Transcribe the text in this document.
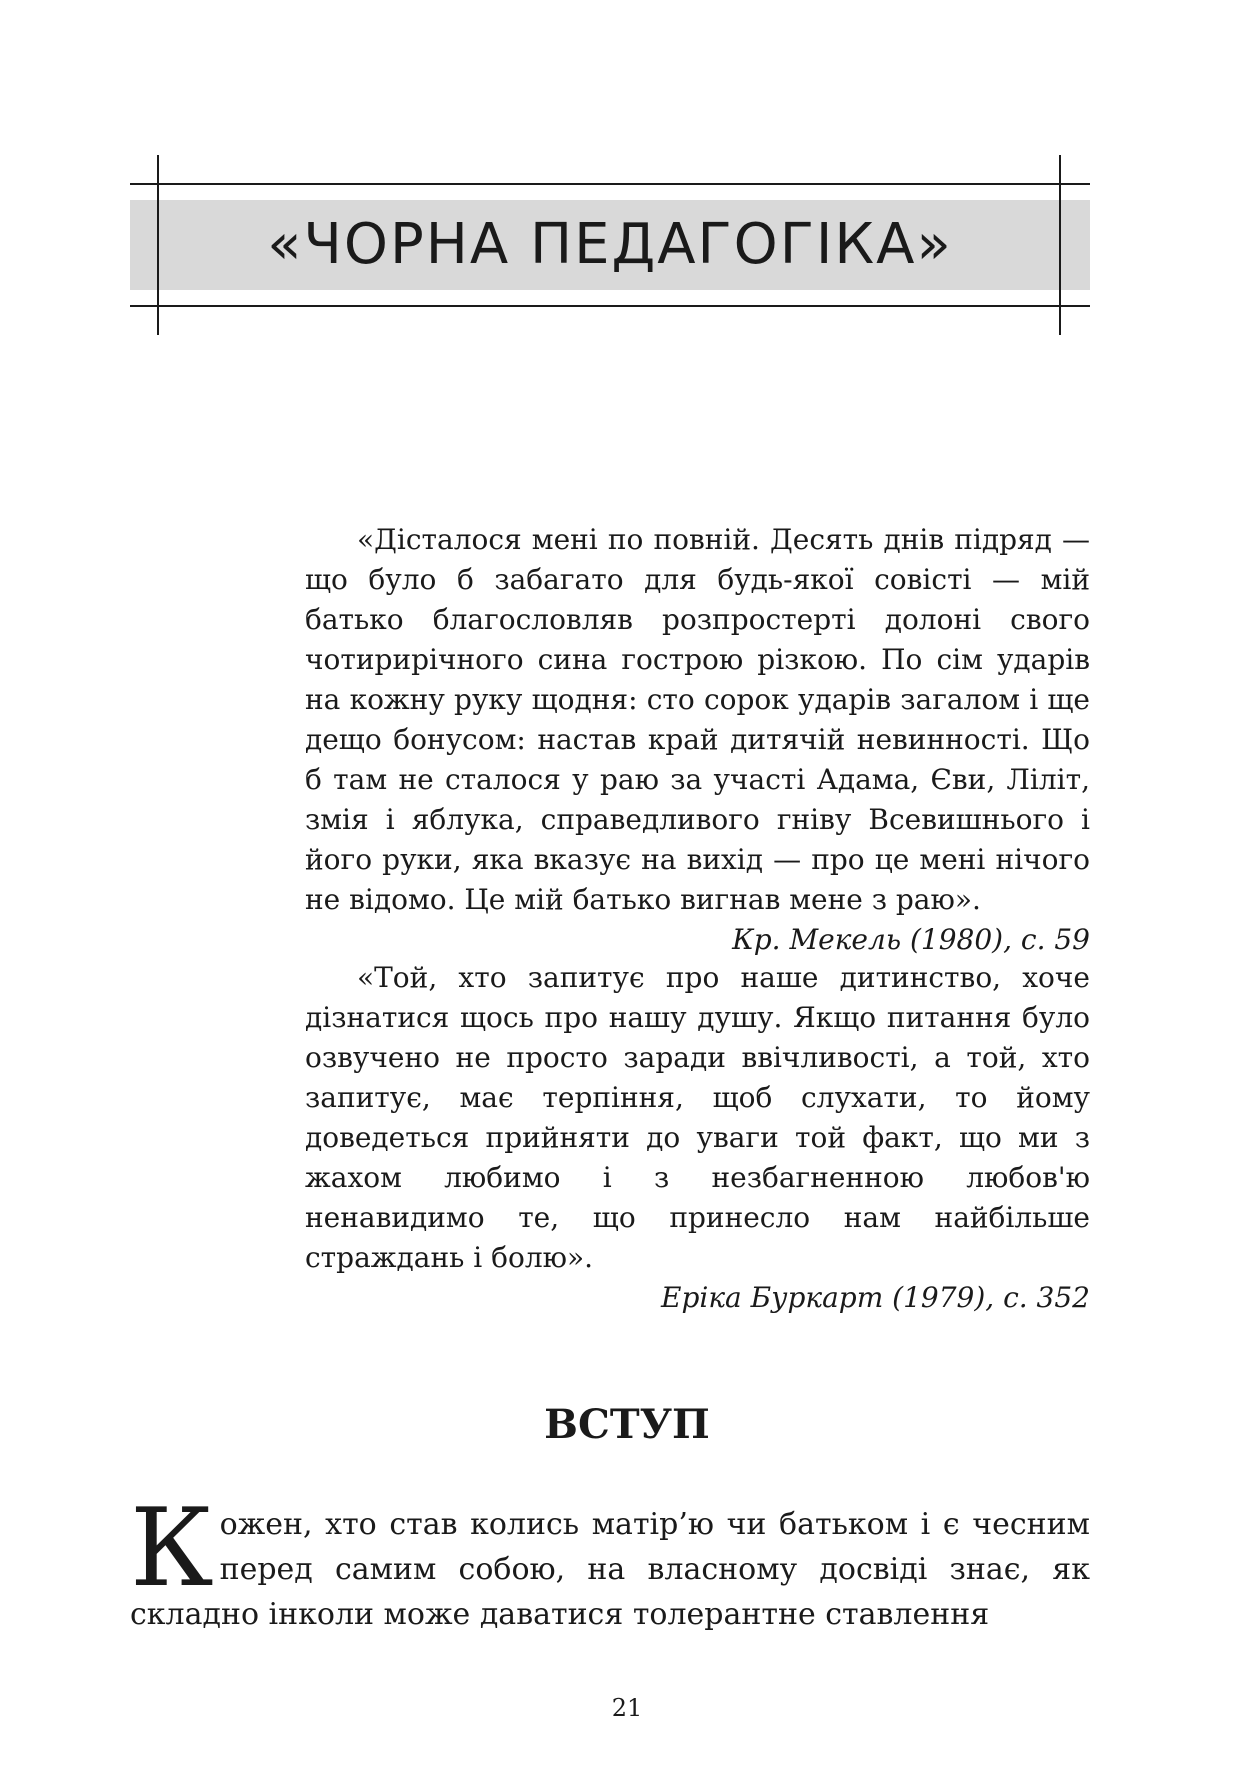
«ЧОРНА ПЕДАГОГІКА»

«Дісталося мені по повній. Десять днів підряд — що було б забагато для будь-якої совісті — мій батько благословляв розпростерті долоні свого чотирирічного сина гострою різкою. По сім ударів на кожну руку щодня: сто сорок ударів загалом і ще дещо бонусом: настав край дитячій невинності. Що б там не сталося у раю за участі Адама, Єви, Ліліт, змія і яблука, справедливого гніву Всевишнього і його руки, яка вказує на вихід — про це мені нічого не відомо. Це мій батько вигнав мене з раю».

Кр. Мекель (1980), с. 59

«Той, хто запитує про наше дитинство, хоче дізнатися щось про нашу душу. Якщо питання було озвучено не просто заради ввічливості, а той, хто запитує, має терпіння, щоб слухати, то йому доведеться прийняти до уваги той факт, що ми з жахом любимо і з незбагненною любов'ю ненавидимо те, що принесло нам найбільше страждань і болю».

Еріка Буркарт (1979), с. 352

ВСТУП

Кожен, хто став колись матір’ю чи батьком і є чесним перед самим собою, на власному досвіді знає, як складно інколи може даватися толерантне ставлення

21
